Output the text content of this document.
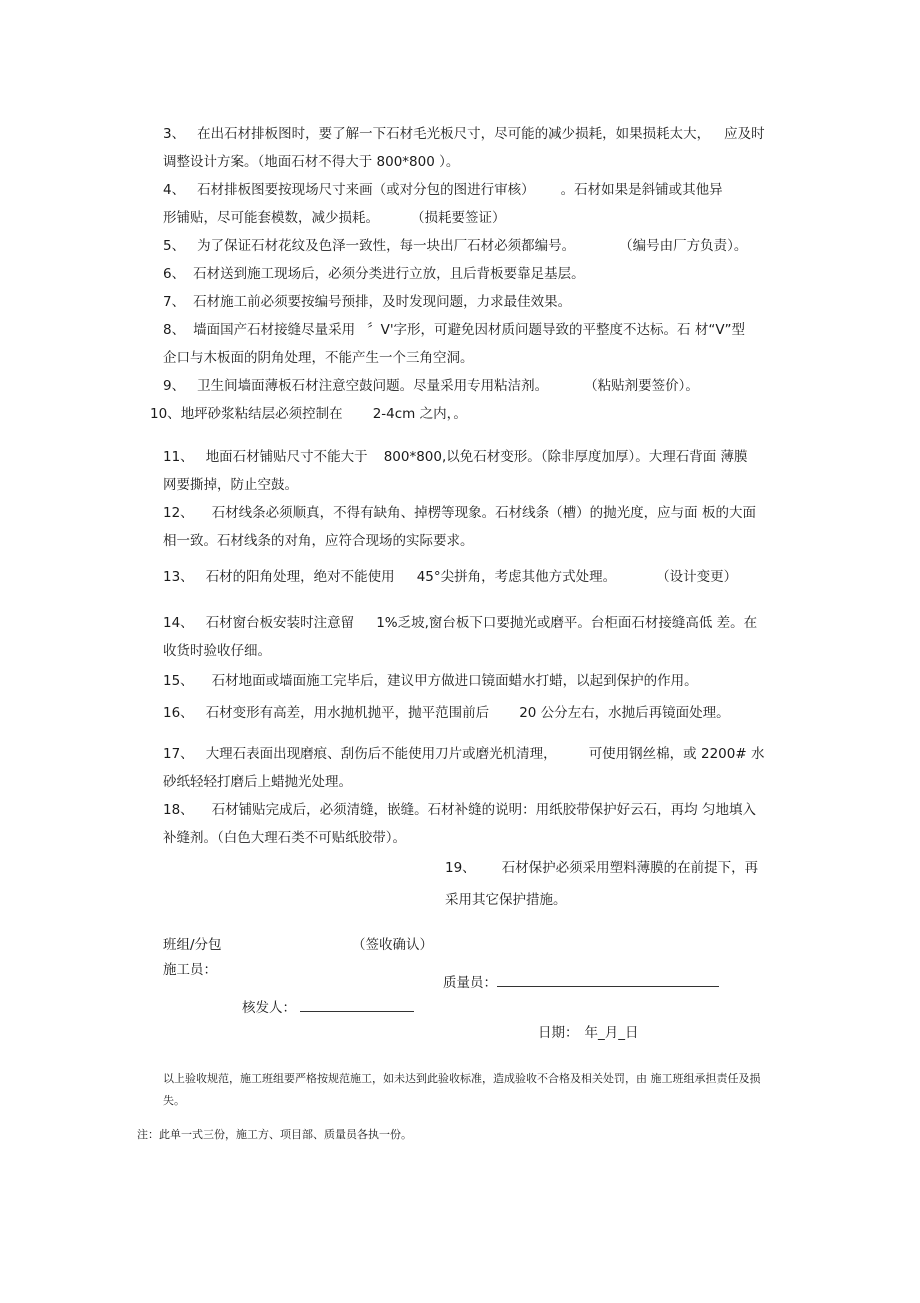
3、 在出石材排板图时，要了解一下石材毛光板尺寸，尽可能的减少损耗，如果损耗太大， 应及时
调整设计方案。（地面石材不得大于 800*800 ）。
4、 石材排板图要按现场尺寸来画（或对分包的图进行审核） 。石材如果是斜铺或其他异
形铺贴，尽可能套模数，减少损耗。 （损耗要签证）
5、 为了保证石材花纹及色泽一致性，每一块出厂石材必须都编号。	（编号由厂方负责）。
6、 石材送到施工现场后，必须分类进行立放，且后背板要靠足基层。
7、 石材施工前必须要按编号预排，及时发现问题，力求最佳效果。
8、 墙面国产石材接缝尽量采用 〞V'字形，可避免因材质问题导致的平整度不达标。石 材“V”型
企口与木板面的阴角处理，不能产生一个三角空洞。
9、 卫生间墙面薄板石材注意空鼓问题。尽量采用专用粘洁剂。	（粘贴剂要签价）。
10、地坪砂浆粘结层必须控制在 2-4cm 之内，。
11、 地面石材铺贴尺寸不能大于 800*800,以免石材变形。（除非厚度加厚）。大理石背面 薄膜
网要撕掉，防止空鼓。
12、 石材线条必须顺真，不得有缺角、掉楞等现象。石材线条（槽）的抛光度，应与面 板的大面
相一致。石材线条的对角，应符合现场的实际要求。
13、 石材的阳角处理，绝对不能使用 45°尖拼角，考虑其他方式处理。	（设计变更）
14、 石材窗台板安装时注意留 1%乏坡,窗台板下口要抛光或磨平。台柜面石材接缝高低 差。在
收货时验收仔细。
15、 石材地面或墙面施工完毕后，建议甲方做进口镜面蜡水打蜡，以起到保护的作用。
16、 石材变形有高差，用水抛机抛平，抛平范围前后 20 公分左右，水抛后再镜面处理。
17、 大理石表面出现磨痕、刮伤后不能使用刀片或磨光机清理， 可使用钢丝棉，或 2200# 水
砂纸轻轻打磨后上蜡抛光处理。
18、 石材铺贴完成后，必须清缝，嵌缝。石材补缝的说明：用纸胶带保护好云石，再均 匀地填入
补缝剂。（白色大理石类不可贴纸胶带）。
19、 石材保护必须采用塑料薄膜的在前提下，再
采用其它保护措施。
班组/分包	（签收确认）
施工员：
质量员：
核发人：
日期： 年_月_日
以上验收规范，施工班组要严格按规范施工，如未达到此验收标准，造成验收不合格及相关处罚，由 施工班组承担责任及损
失。
注：此单一式三份，施工方、项目部、质量员各执一份。
